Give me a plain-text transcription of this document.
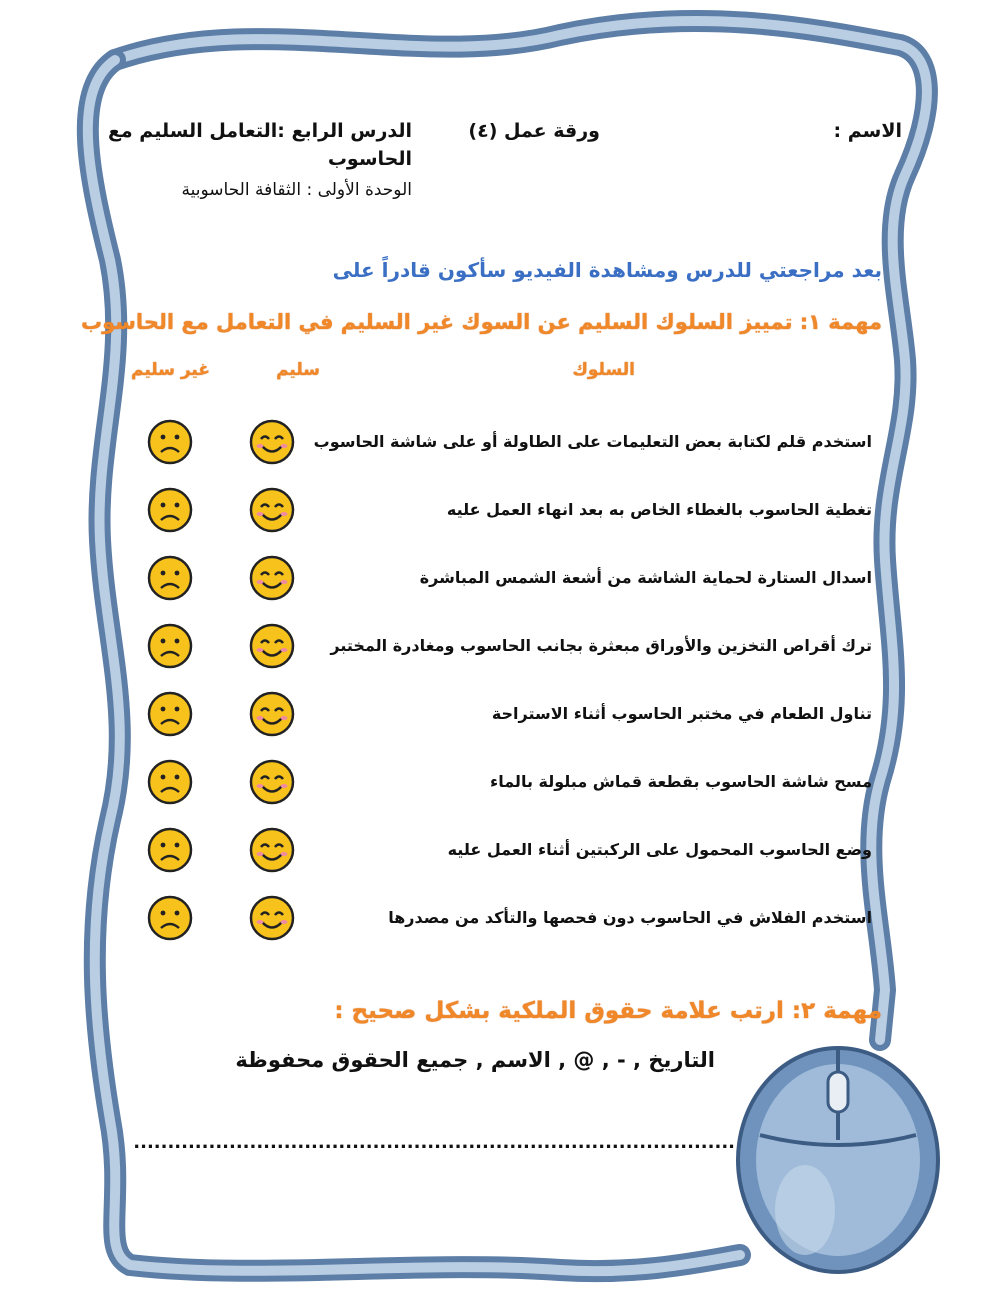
الاسم :
ورقة عمل (٤)
الدرس الرابع :التعامل السليم مع
الحاسوب
الوحدة الأولى : الثقافة الحاسوبية
بعد مراجعتي للدرس ومشاهدة الفيديو سأكون قادراً على
مهمة ١: تمييز السلوك السليم عن السوك غير السليم في التعامل مع الحاسوب
السلوك
سليم
غير سليم
استخدم قلم لكتابة بعض التعليمات على الطاولة أو على شاشة الحاسوب
تغطية الحاسوب بالغطاء الخاص به بعد انهاء العمل عليه
اسدال الستارة لحماية الشاشة من أشعة الشمس المباشرة
ترك أقراص التخزين والأوراق مبعثرة بجانب الحاسوب ومغادرة المختبر
تناول الطعام في مختبر الحاسوب أثناء الاستراحة
مسح شاشة الحاسوب بقطعة قماش مبلولة بالماء
وضع الحاسوب المحمول على الركبتين أثناء العمل عليه
استخدم الفلاش في الحاسوب دون فحصها والتأكد من مصدرها
مهمة ٢: ارتب علامة حقوق الملكية بشكل صحيح :
التاريخ , - , @ , الاسم , جميع الحقوق محفوظة
........................................................................................
